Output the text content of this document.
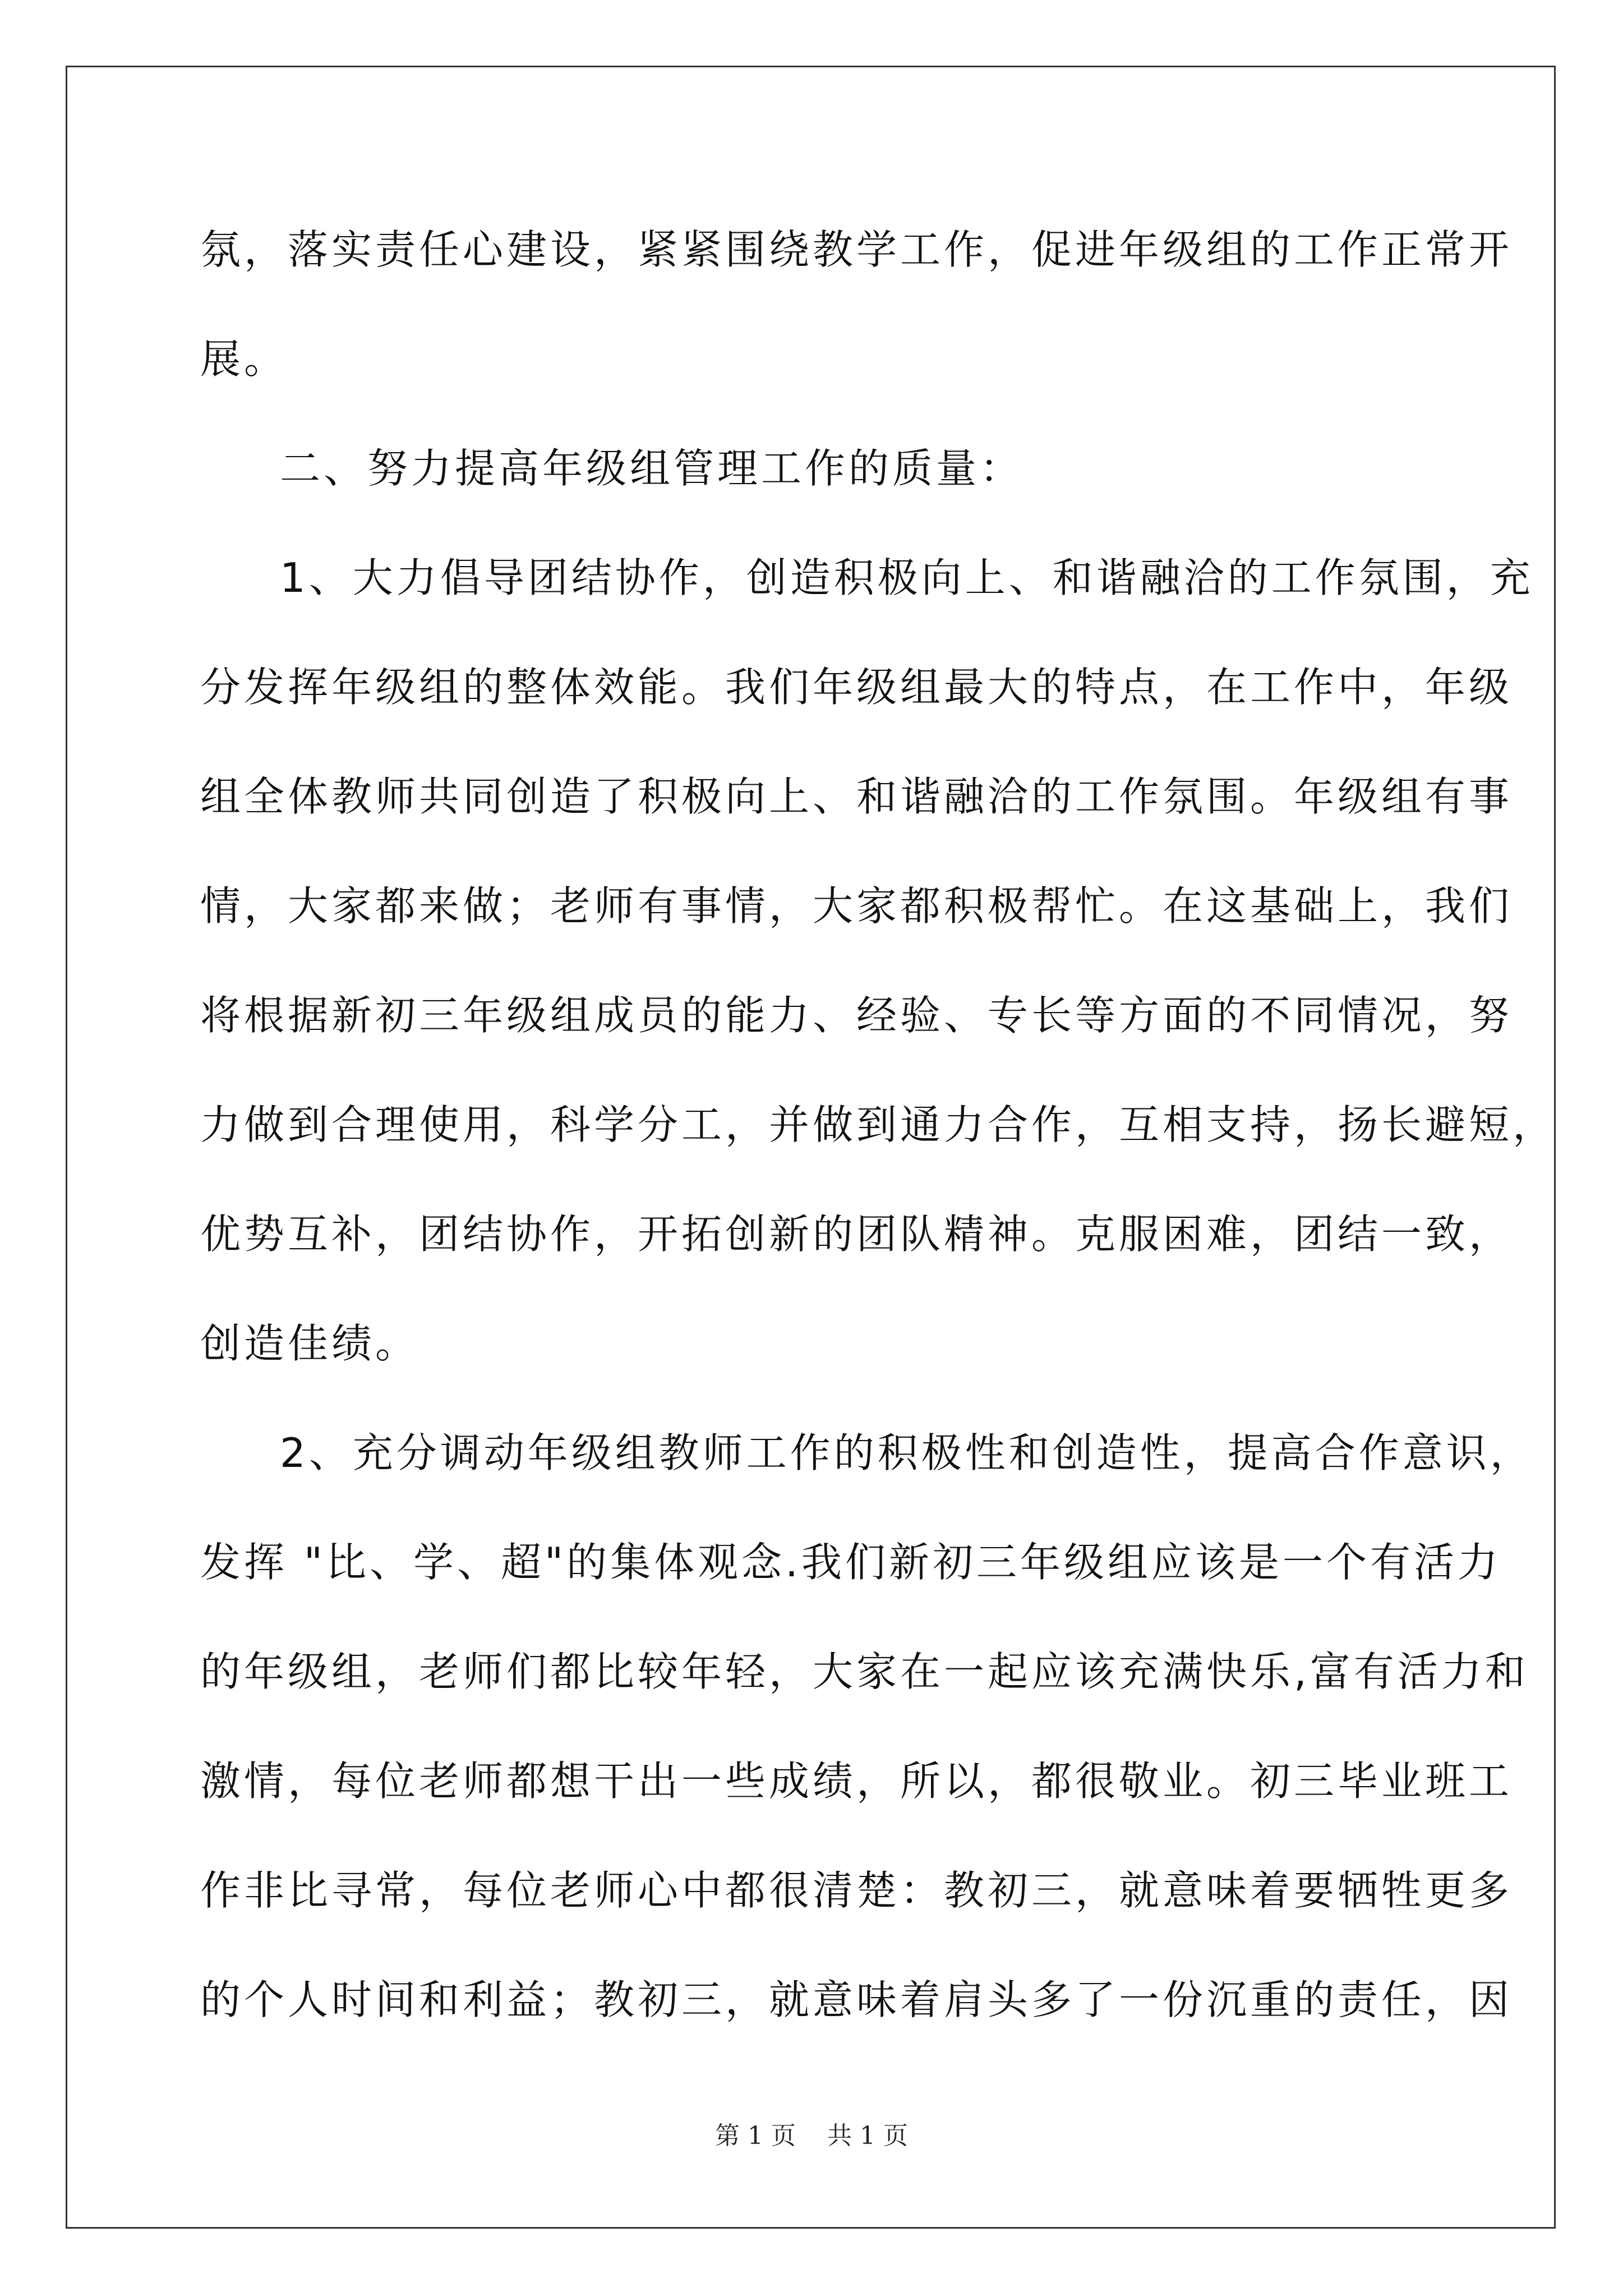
氛，落实责任心建设，紧紧围绕教学工作，促进年级组的工作正常开
展。
二、努力提高年级组管理工作的质量：
1、大力倡导团结协作，创造积极向上、和谐融洽的工作氛围，充
分发挥年级组的整体效能。我们年级组最大的特点，在工作中，年级
组全体教师共同创造了积极向上、和谐融洽的工作氛围。年级组有事
情，大家都来做；老师有事情，大家都积极帮忙。在这基础上，我们
将根据新初三年级组成员的能力、经验、专长等方面的不同情况，努
力做到合理使用，科学分工，并做到通力合作，互相支持，扬长避短，
优势互补，团结协作，开拓创新的团队精神。克服困难，团结一致，
创造佳绩。
2、充分调动年级组教师工作的积极性和创造性，提高合作意识，
发挥 "比、学、超"的集体观念.我们新初三年级组应该是一个有活力
的年级组，老师们都比较年轻，大家在一起应该充满快乐,富有活力和
激情，每位老师都想干出一些成绩，所以，都很敬业。初三毕业班工
作非比寻常，每位老师心中都很清楚：教初三，就意味着要牺牲更多
的个人时间和利益；教初三，就意味着肩头多了一份沉重的责任，因
第 1 页 共 1 页
